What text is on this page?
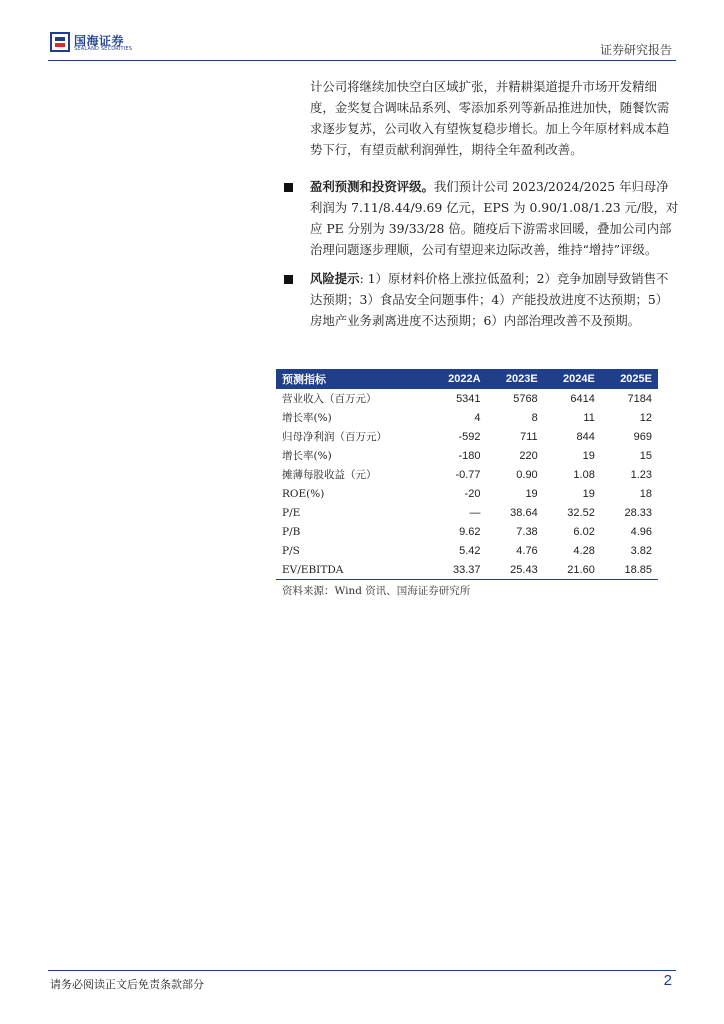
国海证券
SEALAND SECURITIES	证券研究报告
计公司将继续加快空白区域扩张，并精耕渠道提升市场开发精细度，金奖复合调味品系列、零添加系列等新品推进加快，随餐饮需求逐步复苏，公司收入有望恢复稳步增长。加上今年原材料成本趋势下行，有望贡献利润弹性，期待全年盈利改善。
盈利预测和投资评级。我们预计公司 2023/2024/2025 年归母净利润为 7.11/8.44/9.69 亿元，EPS 为 0.90/1.08/1.23 元/股，对应 PE 分别为 39/33/28 倍。随疫后下游需求回暖，叠加公司内部治理问题逐步理顺，公司有望迎来边际改善，维持“增持”评级。
风险提示: 1）原材料价格上涨拉低盈利；2）竞争加剧导致销售不达预期；3）食品安全问题事件；4）产能投放进度不达预期；5）房地产业务剥离进度不达预期；6）内部治理改善不及预期。
预测指标	2022A	2023E	2024E	2025E
营业收入（百万元）	5341	5768	6414	7184
增长率(%)	4	8	11	12
归母净利润（百万元）	-592	711	844	969
增长率(%)	-180	220	19	15
摊薄每股收益（元）	-0.77	0.90	1.08	1.23
ROE(%)	-20	19	19	18
P/E	—	38.64	32.52	28.33
P/B	9.62	7.38	6.02	4.96
P/S	5.42	4.76	4.28	3.82
EV/EBITDA	33.37	25.43	21.60	18.85
资料来源：Wind 资讯、国海证券研究所
请务必阅读正文后免责条款部分	2
